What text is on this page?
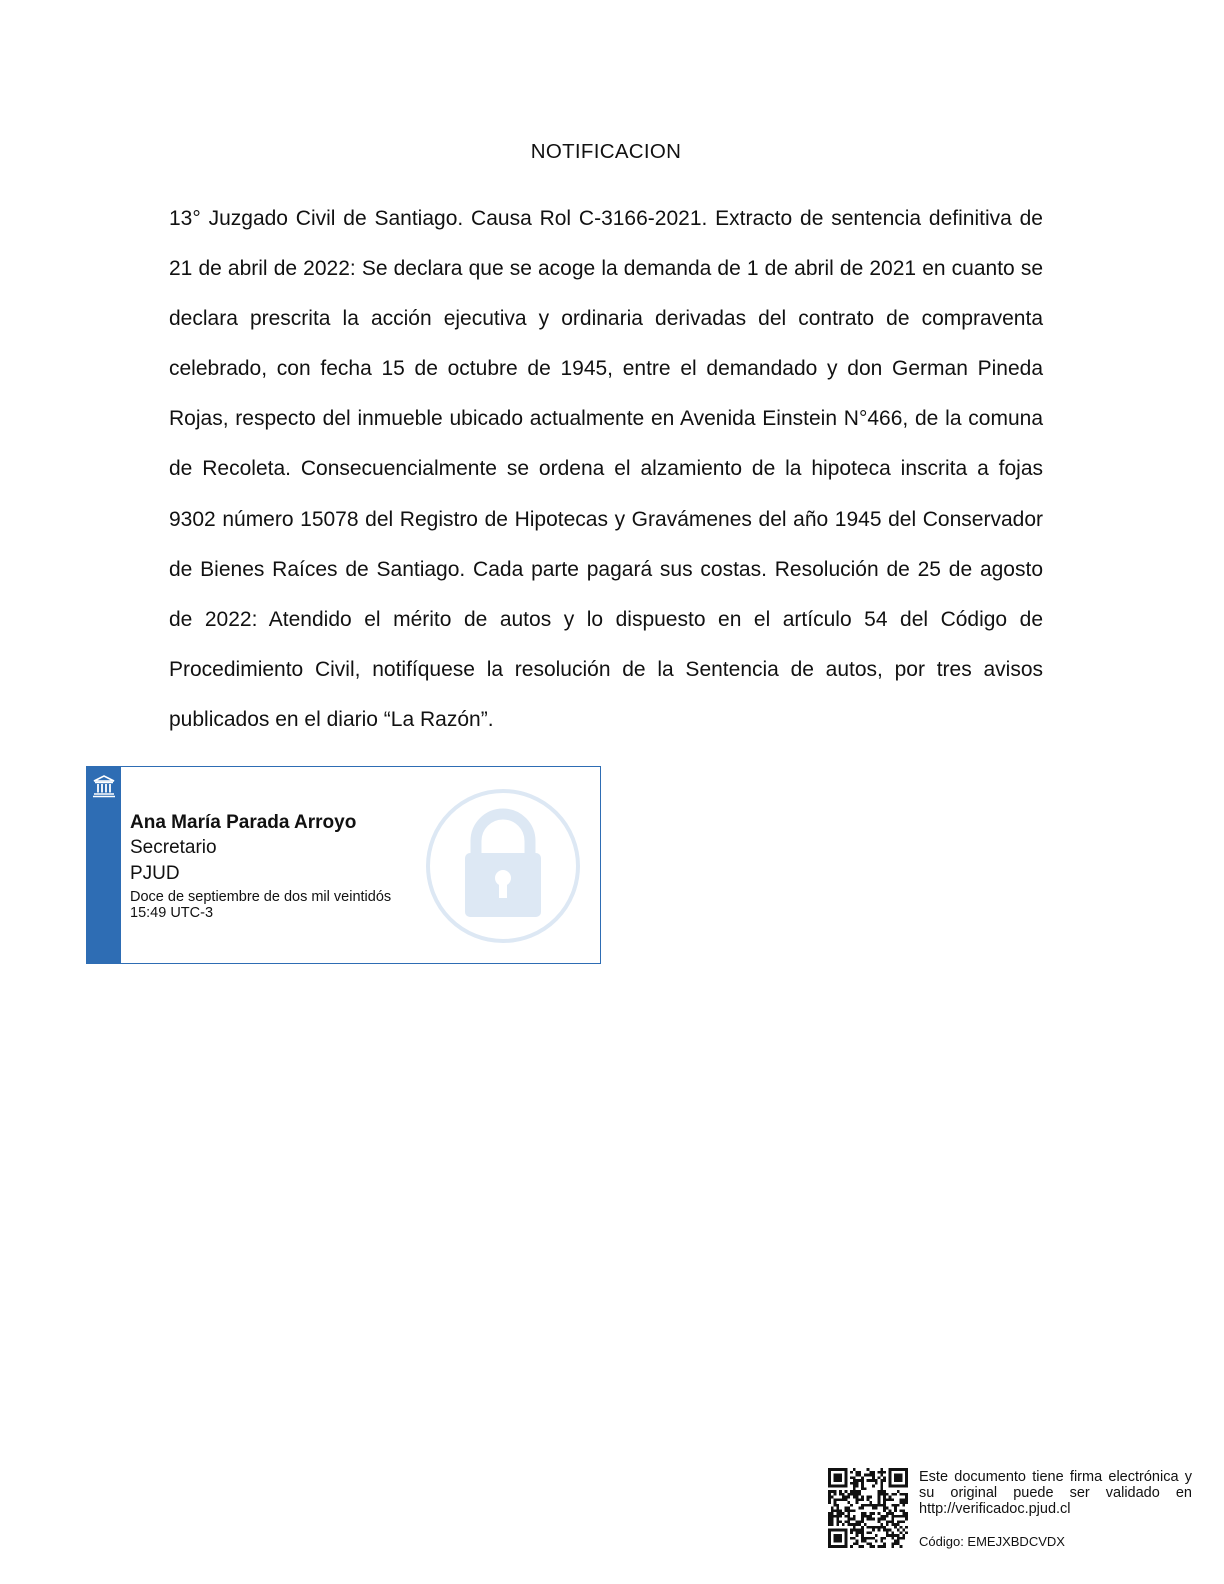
NOTIFICACION

13° Juzgado Civil de Santiago. Causa Rol C-3166-2021. Extracto de sentencia definitiva de 21 de abril de 2022: Se declara que se acoge la demanda de 1 de abril de 2021 en cuanto se declara prescrita la acción ejecutiva y ordinaria derivadas del contrato de compraventa celebrado, con fecha 15 de octubre de 1945, entre el demandado y don German Pineda Rojas, respecto del inmueble ubicado actualmente en Avenida Einstein N°466, de la comuna de Recoleta. Consecuencialmente se ordena el alzamiento de la hipoteca inscrita a fojas 9302 número 15078 del Registro de Hipotecas y Gravámenes del año 1945 del Conservador de Bienes Raíces de Santiago. Cada parte pagará sus costas. Resolución de 25 de agosto de 2022: Atendido el mérito de autos y lo dispuesto en el artículo 54 del Código de Procedimiento Civil, notifíquese la resolución de la Sentencia de autos, por tres avisos publicados en el diario “La Razón”.

Ana María Parada Arroyo
Secretario
PJUD
Doce de septiembre de dos mil veintidós
15:49 UTC-3

Este documento tiene firma electrónica y su original puede ser validado en http://verificadoc.pjud.cl

Código: EMEJXBDCVDX
